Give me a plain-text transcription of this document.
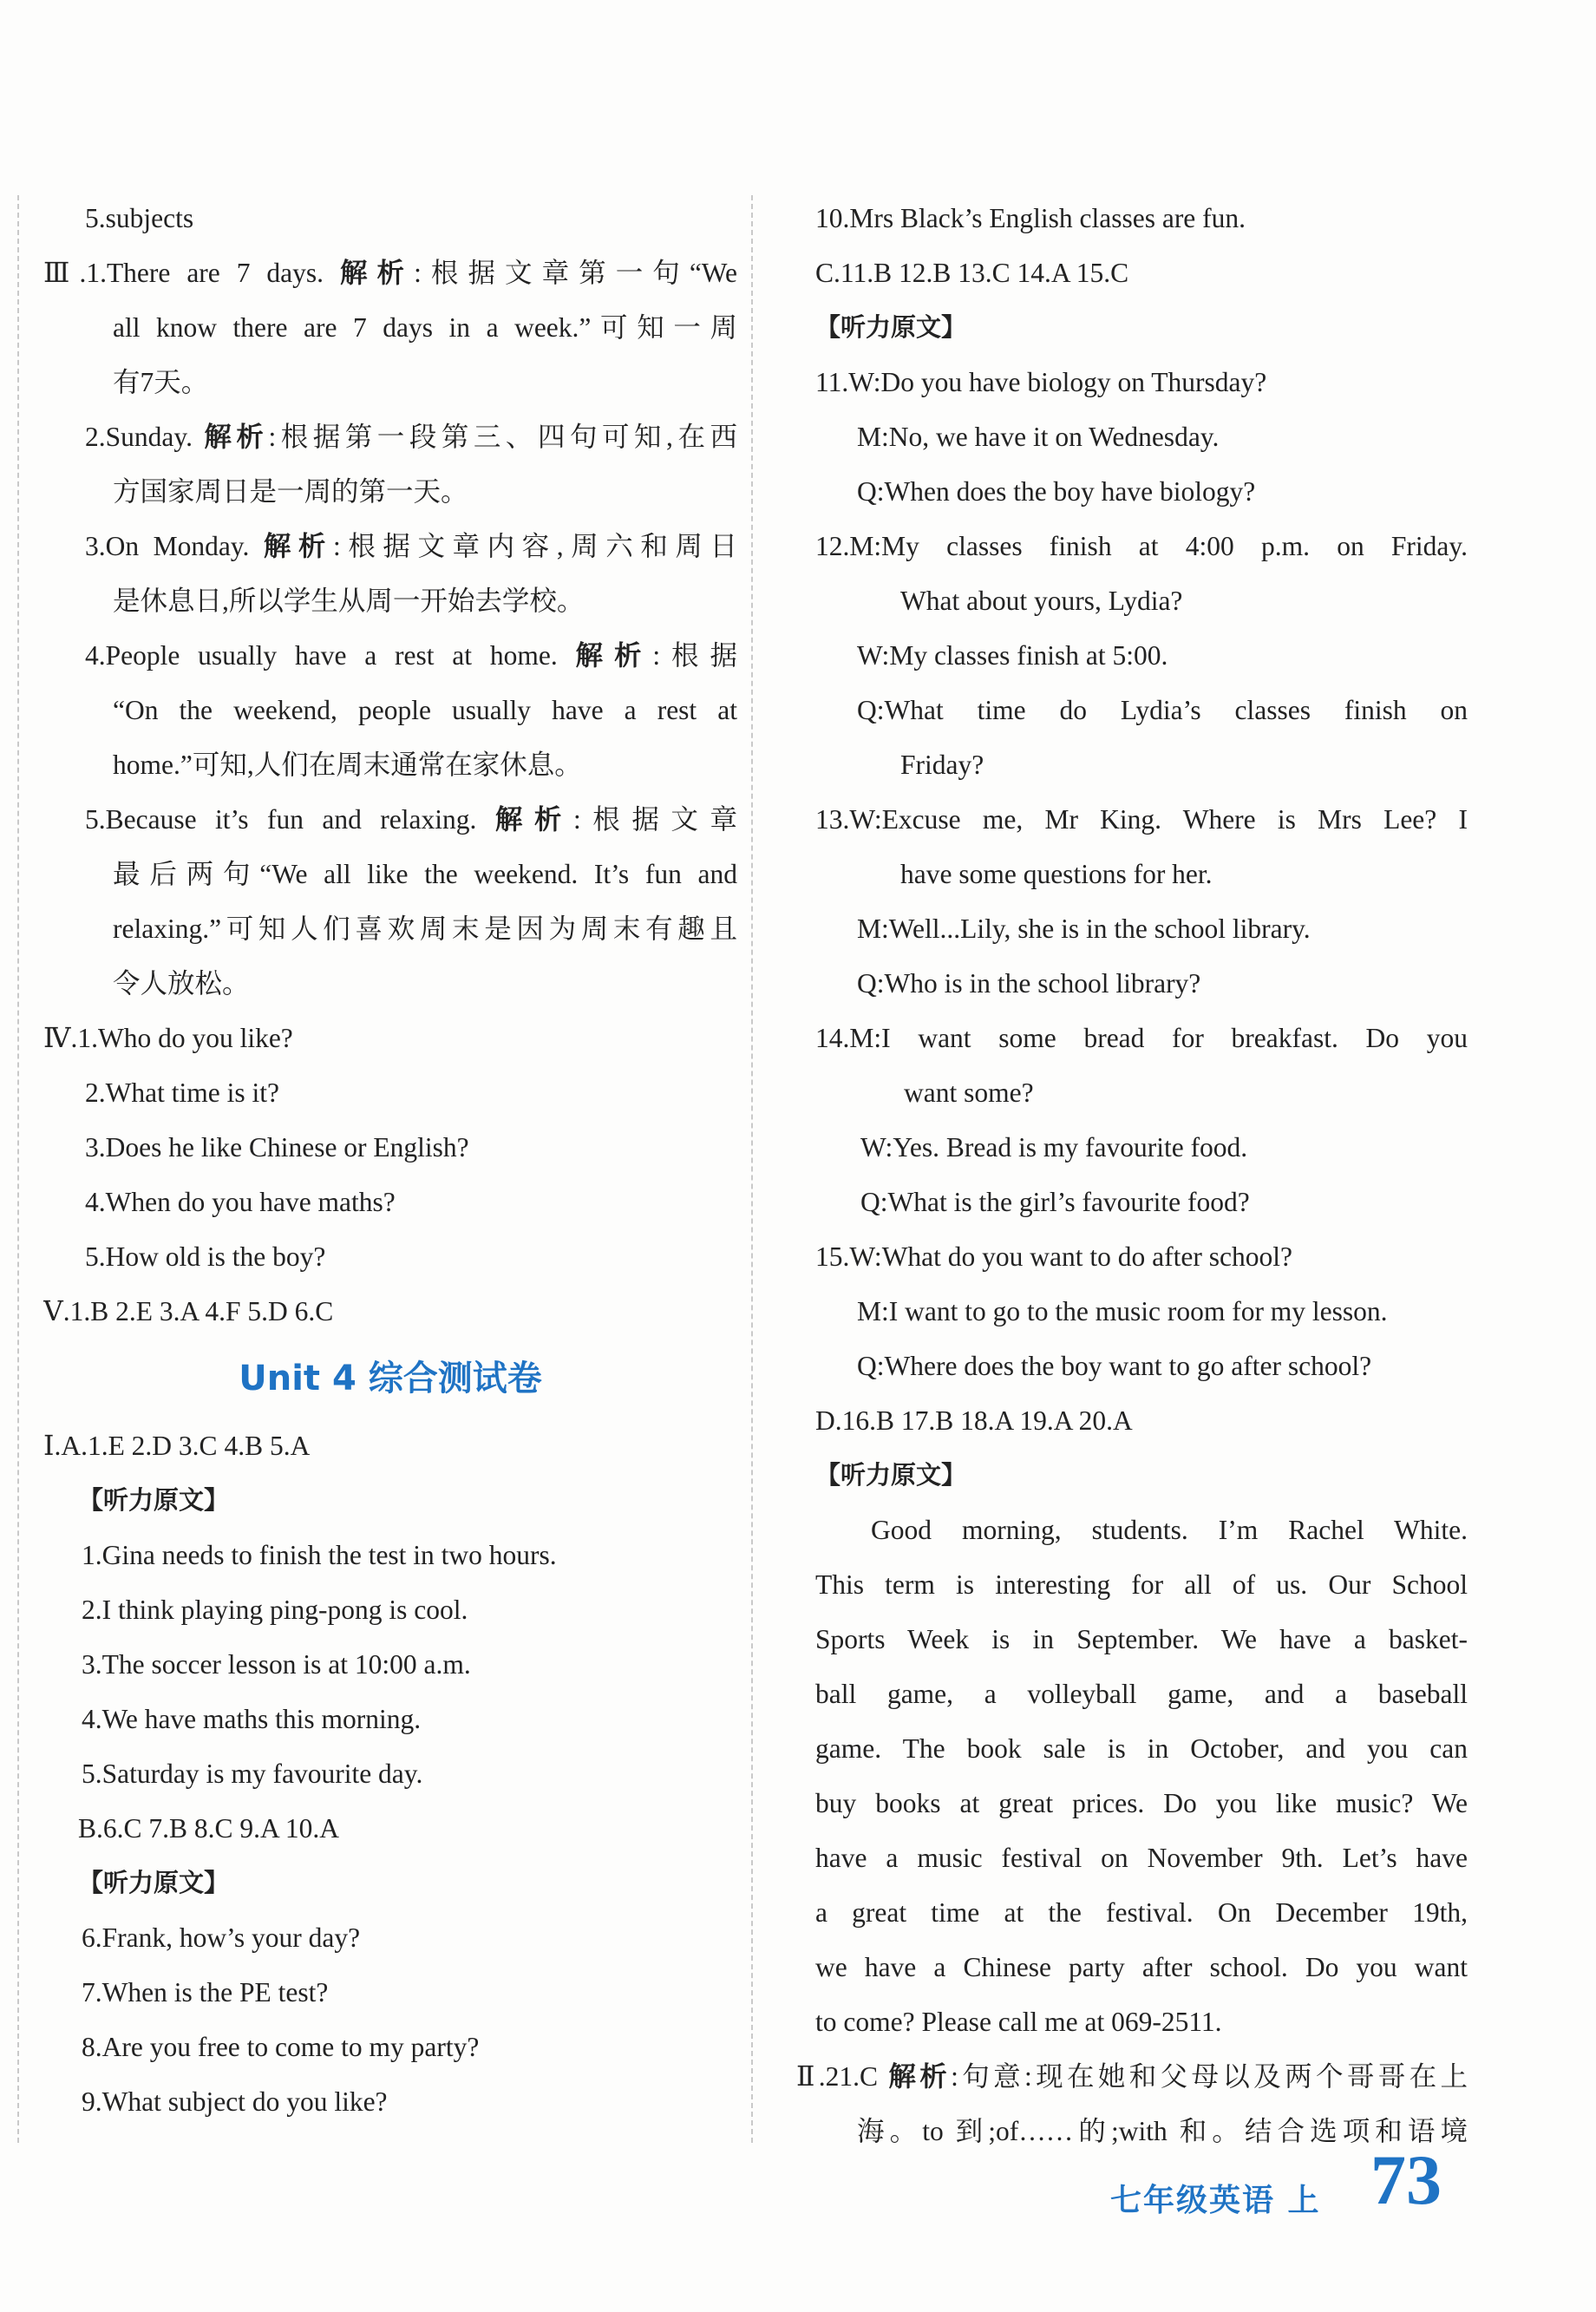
5.subjects
Ⅲ.1.There are 7 days. 解析:根据文章第一句“We
all know there are 7 days in a week.”可知一周
有7天。
2.Sunday. 解析:根据第一段第三、四句可知,在西
方国家周日是一周的第一天。
3.On Monday. 解析:根据文章内容,周六和周日
是休息日,所以学生从周一开始去学校。
4.People usually have a rest at home. 解析:根据
“On the weekend, people usually have a rest at
home.”可知,人们在周末通常在家休息。
5.Because it’s fun and relaxing. 解析:根据文章
最后两句“We all like the weekend. It’s fun and
relaxing.”可知人们喜欢周末是因为周末有趣且
令人放松。
Ⅳ.1.Who do you like?
2.What time is it?
3.Does he like Chinese or English?
4.When do you have maths?
5.How old is the boy?
Ⅴ.1.B 2.E 3.A 4.F 5.D 6.C
Unit 4 综合测试卷
Ⅰ.A.1.E 2.D 3.C 4.B 5.A
【听力原文】
1.Gina needs to finish the test in two hours.
2.I think playing ping-pong is cool.
3.The soccer lesson is at 10:00 a.m.
4.We have maths this morning.
5.Saturday is my favourite day.
B.6.C 7.B 8.C 9.A 10.A
【听力原文】
6.Frank, how’s your day?
7.When is the PE test?
8.Are you free to come to my party?
9.What subject do you like?
10.Mrs Black’s English classes are fun.
C.11.B 12.B 13.C 14.A 15.C
【听力原文】
11.W:Do you have biology on Thursday?
M:No, we have it on Wednesday.
Q:When does the boy have biology?
12.M:My classes finish at 4:00 p.m. on Friday.
What about yours, Lydia?
W:My classes finish at 5:00.
Q:What time do Lydia’s classes finish on
Friday?
13.W:Excuse me, Mr King. Where is Mrs Lee? I
have some questions for her.
M:Well...Lily, she is in the school library.
Q:Who is in the school library?
14.M:I want some bread for breakfast. Do you
want some?
W:Yes. Bread is my favourite food.
Q:What is the girl’s favourite food?
15.W:What do you want to do after school?
M:I want to go to the music room for my lesson.
Q:Where does the boy want to go after school?
D.16.B 17.B 18.A 19.A 20.A
【听力原文】
Good morning, students. I’m Rachel White.
This term is interesting for all of us. Our School
Sports Week is in September. We have a basket-
ball game, a volleyball game, and a baseball
game. The book sale is in October, and you can
buy books at great prices. Do you like music? We
have a music festival on November 9th. Let’s have
a great time at the festival. On December 19th,
we have a Chinese party after school. Do you want
to come? Please call me at 069-2511.
Ⅱ.21.C 解析:句意:现在她和父母以及两个哥哥在上
海。to 到;of……的;with 和。结合选项和语境
七年级英语 上 73
